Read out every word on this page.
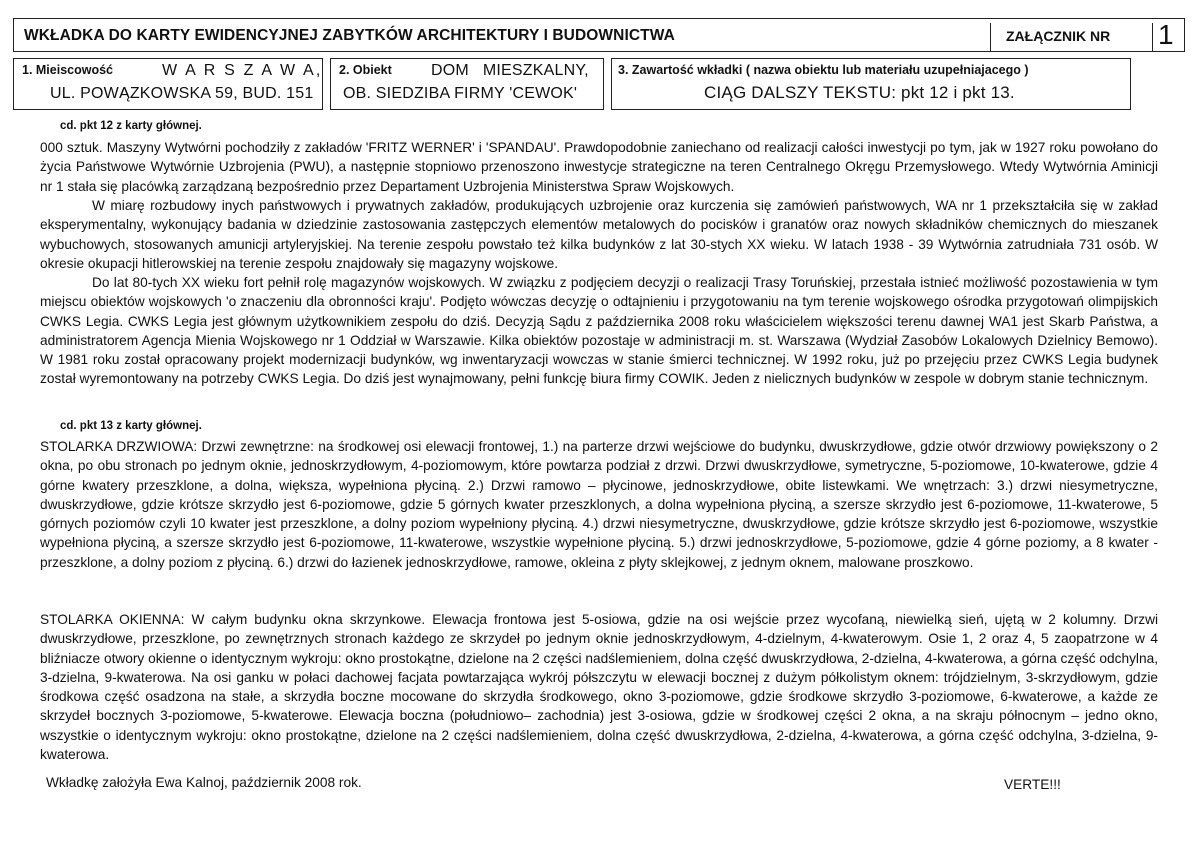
WKŁADKA DO KARTY EWIDENCYJNEJ ZABYTKÓW ARCHITEKTURY I BUDOWNICTWA	ZAŁĄCZNIK NR 1
1. Mieiscowość	W A R S Z A W A,
UL. POWĄZKOWSKA 59, BUD. 151
2. Obiekt DOM   MIESZKALNY,
OB. SIEDZIBA FIRMY 'CEWOK'
3. Zawartość wkładki ( nazwa obiektu lub materiału uzupełniajacego )
CIĄG DALSZY TEKSTU: pkt 12 i pkt 13.
cd. pkt 12 z karty głównej.

000 sztuk. Maszyny Wytwórni pochodziły z zakładów 'FRITZ WERNER' i 'SPANDAU'. Prawdopodobnie zaniechano od realizacji całości inwestycji po tym, jak w 1927 roku powołano do życia Państwowe Wytwórnie Uzbrojenia (PWU), a następnie stopniowo przenoszono inwestycje strategiczne na teren Centralnego Okręgu Przemysłowego. Wtedy Wytwórnia Aminicji nr 1 stała się placówką zarządzaną bezpośrednio przez Departament Uzbrojenia Ministerstwa Spraw Wojskowych.

W miarę rozbudowy inych państwowych i prywatnych zakładów, produkujących uzbrojenie oraz kurczenia się zamówień państwowych, WA nr 1 przekształciła się w zakład eksperymentalny, wykonujący badania w dziedzinie zastosowania zastępczych elementów metalowych do pocisków i granatów oraz nowych składników chemicznych do mieszanek wybuchowych, stosowanych amunicji artyleryjskiej. Na terenie zespołu powstało też kilka budynków z lat 30-stych XX wieku. W latach 1938 - 39 Wytwórnia zatrudniała 731 osób. W okresie okupacji hitlerowskiej na terenie zespołu znajdowały się magazyny wojskowe.

Do lat 80-tych XX wieku fort pełnił rolę magazynów wojskowych. W związku z podjęciem decyzji o realizacji Trasy Toruńskiej, przestała istnieć możliwość pozostawienia w tym miejscu obiektów wojskowych 'o znaczeniu dla obronności kraju'. Podjęto wówczas decyzję o odtajnieniu i przygotowaniu na tym terenie wojskowego ośrodka przygotowań olimpijskich CWKS Legia. CWKS Legia jest głównym użytkownikiem zespołu do dziś. Decyzją Sądu z października 2008 roku właścicielem większości terenu dawnej WA1 jest Skarb Państwa, a administratorem Agencja Mienia Wojskowego nr 1 Oddział w Warszawie. Kilka obiektów pozostaje w administracji m. st. Warszawa (Wydział Zasobów Lokalowych Dzielnicy Bemowo). W 1981 roku został opracowany projekt modernizacji budynków, wg inwentaryzacji wowczas w stanie śmierci technicznej. W 1992 roku, już po przejęciu przez CWKS Legia budynek został wyremontowany na potrzeby CWKS Legia. Do dziś jest wynajmowany, pełni funkcję biura firmy COWIK. Jeden z nielicznych budynków w zespole w dobrym stanie technicznym.

cd. pkt 13 z karty głównej.

STOLARKA DRZWIOWA: Drzwi zewnętrzne: na środkowej osi elewacji frontowej, 1.) na parterze drzwi wejściowe do budynku, dwuskrzydłowe, gdzie otwór drzwiowy powiększony o 2 okna, po obu stronach po jednym oknie, jednoskrzydłowym, 4-poziomowym, które powtarza podział z drzwi. Drzwi dwuskrzydłowe, symetryczne, 5-poziomowe, 10-kwaterowe, gdzie 4 górne kwatery przeszklone, a dolna, większa, wypełniona płyciną. 2.) Drzwi ramowo – płycinowe, jednoskrzydłowe, obite listewkami. We wnętrzach: 3.) drzwi niesymetryczne, dwuskrzydłowe, gdzie krótsze skrzydło jest 6-poziomowe, gdzie 5 górnych kwater przeszklonych, a dolna wypełniona płyciną, a szersze skrzydło jest 6-poziomowe, 11-kwaterowe, 5 górnych poziomów czyli 10 kwater jest przeszklone, a dolny poziom wypełniony płyciną. 4.) drzwi niesymetryczne, dwuskrzydłowe, gdzie krótsze skrzydło jest 6-poziomowe, wszystkie wypełniona płyciną, a szersze skrzydło jest 6-poziomowe, 11-kwaterowe, wszystkie wypełnione płyciną. 5.) drzwi jednoskrzydłowe, 5-poziomowe, gdzie 4 górne poziomy, a 8 kwater - przeszklone, a dolny poziom z płyciną. 6.) drzwi do łazienek jednoskrzydłowe, ramowe, okleina z płyty sklejkowej, z jednym oknem, malowane proszkowo.

STOLARKA OKIENNA: W całym budynku okna skrzynkowe. Elewacja frontowa jest 5-osiowa, gdzie na osi wejście przez wycofaną, niewielką sień, ujętą w 2 kolumny. Drzwi dwuskrzydłowe, przeszklone, po zewnętrznych stronach każdego ze skrzydeł po jednym oknie jednoskrzydłowym, 4-dzielnym, 4-kwaterowym. Osie 1, 2 oraz 4, 5 zaopatrzone w 4 bliźniacze otwory okienne o identycznym wykroju: okno prostokątne, dzielone na 2 części nadślemieniem, dolna część dwuskrzydłowa, 2-dzielna, 4-kwaterowa, a górna część odchylna, 3-dzielna, 9-kwaterowa. Na osi ganku w połaci dachowej facjata powtarzająca wykrój półszczytu w elewacji bocznej z dużym półkolistym oknem: trójdzielnym, 3-skrzydłowym, gdzie środkowa część osadzona na stałe, a skrzydła boczne mocowane do skrzydła środkowego, okno 3-poziomowe, gdzie środkowe skrzydło 3-poziomowe, 6-kwaterowe, a każde ze skrzydeł bocznych 3-poziomowe, 5-kwaterowe. Elewacja boczna (południowo– zachodnia) jest 3-osiowa, gdzie w środkowej części 2 okna, a na skraju północnym – jedno okno, wszystkie o identycznym wykroju: okno prostokątne, dzielone na 2 części nadślemieniem, dolna część dwuskrzydłowa, 2-dzielna, 4-kwaterowa, a górna część odchylna, 3-dzielna, 9-kwaterowa.

Wkładkę założyła Ewa Kalnoj, październik 2008 rok.	VERTE!!!
